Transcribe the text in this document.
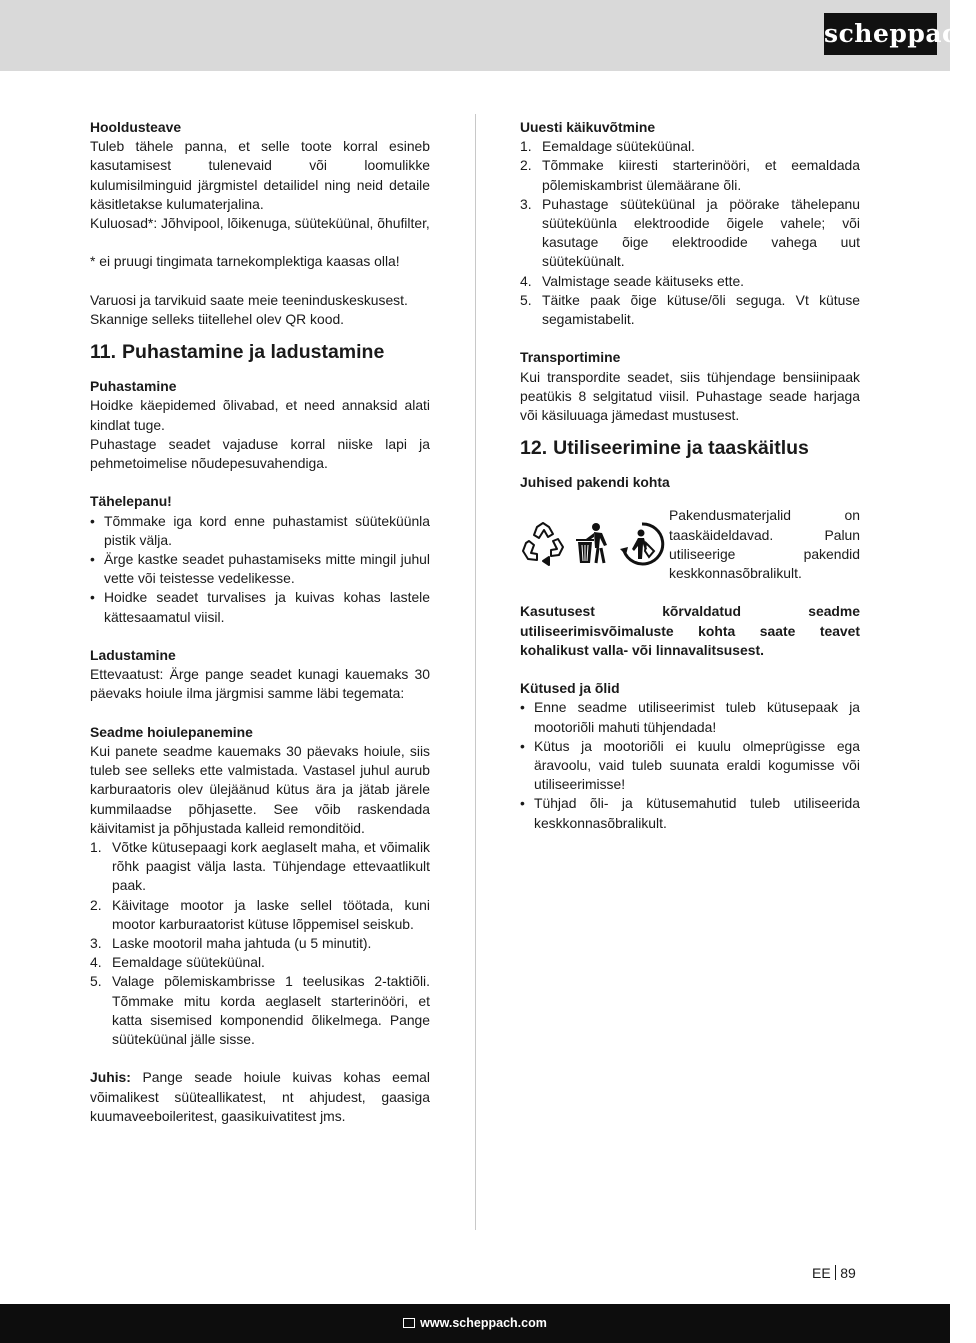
scheppach

Hooldusteave

Tuleb tähele panna, et selle toote korral esineb kasutamisest tulenevaid või loomulikke kulumisilminguid järgmistel detailidel ning neid detaile käsitletakse kulumaterjalina.

Kuluosad*: Jõhvipool, lõikenuga, süüteküünal, õhufilter,

* ei pruugi tingimata tarnekomplektiga kaasas olla!

Varuosi ja tarvikuid saate meie teeninduskeskusest.

Skannige selleks tiitellehel olev QR kood.

11. Puhastamine ja ladustamine

Puhastamine

Hoidke käepidemed õlivabad, et need annaksid alati kindlat tuge.

Puhastage seadet vajaduse korral niiske lapi ja pehmetoimelise nõudepesuvahendiga.

Tähelepanu!

• Tõmmake iga kord enne puhastamist süüteküünla pistik välja.
• Ärge kastke seadet puhastamiseks mitte mingil juhul vette või teistesse vedelikesse.
• Hoidke seadet turvalises ja kuivas kohas lastele kättesaamatul viisil.

Ladustamine

Ettevaatust: Ärge pange seadet kunagi kauemaks 30 päevaks hoiule ilma järgmisi samme läbi tegemata:

Seadme hoiulepanemine

Kui panete seadme kauemaks 30 päevaks hoiule, siis tuleb see selleks ette valmistada. Vastasel juhul aurub karburaatoris olev ülejäänud kütus ära ja jätab järele kummilaadse põhjasette. See võib raskendada käivitamist ja põhjustada kalleid remonditöid.

1. Võtke kütusepaagi kork aeglaselt maha, et võimalik rõhk paagist välja lasta. Tühjendage ettevaatlikult paak.
2. Käivitage mootor ja laske sellel töötada, kuni mootor karburaatorist kütuse lõppemisel seiskub.
3. Laske mootoril maha jahtuda (u 5 minutit).
4. Eemaldage süüteküünal.
5. Valage põlemiskambrisse 1 teelusikas 2-taktiõli. Tõmmake mitu korda aeglaselt starterinööri, et katta sisemised komponendid õlikelmega. Pange süüteküünal jälle sisse.

Juhis: Pange seade hoiule kuivas kohas eemal võimalikest süüteallikatest, nt ahjudest, gaasiga kuumaveeboileritest, gaasikuivatitest jms.

Uuesti käikuvõtmine

1. Eemaldage süüteküünal.
2. Tõmmake kiiresti starterinööri, et eemaldada põlemiskambrist ülemäärane õli.
3. Puhastage süüteküünal ja pöörake tähelepanu süüteküünla elektroodide õigele vahele; või kasutage õige elektroodide vahega uut süüteküünalt.
4. Valmistage seade käituseks ette.
5. Täitke paak õige kütuse/õli seguga. Vt kütuse segamistabelit.

Transportimine

Kui transpordite seadet, siis tühjendage bensiinipaak peatükis 8 selgitatud viisil. Puhastage seade harjaga või käsiluuaga jämedast mustusest.

12. Utiliseerimine ja taaskäitlus

Juhised pakendi kohta

Pakendusmaterjalid on taaskäideldavad. Palun utiliseerige pakendid keskkonnasõbralikult.

Kasutusest kõrvaldatud seadme utiliseerimisvõimaluste kohta saate teavet kohalikust valla- või linnavalitsusest.

Kütused ja õlid

• Enne seadme utiliseerimist tuleb kütusepaak ja mootoriõli mahuti tühjendada!
• Kütus ja mootoriõli ei kuulu olmeprügisse ega äravoolu, vaid tuleb suunata eraldi kogumisse või utiliseerimisse!
• Tühjad õli- ja kütusemahutid tuleb utiliseerida keskkonnasõbralikult.
EE 89
www.scheppach.com
